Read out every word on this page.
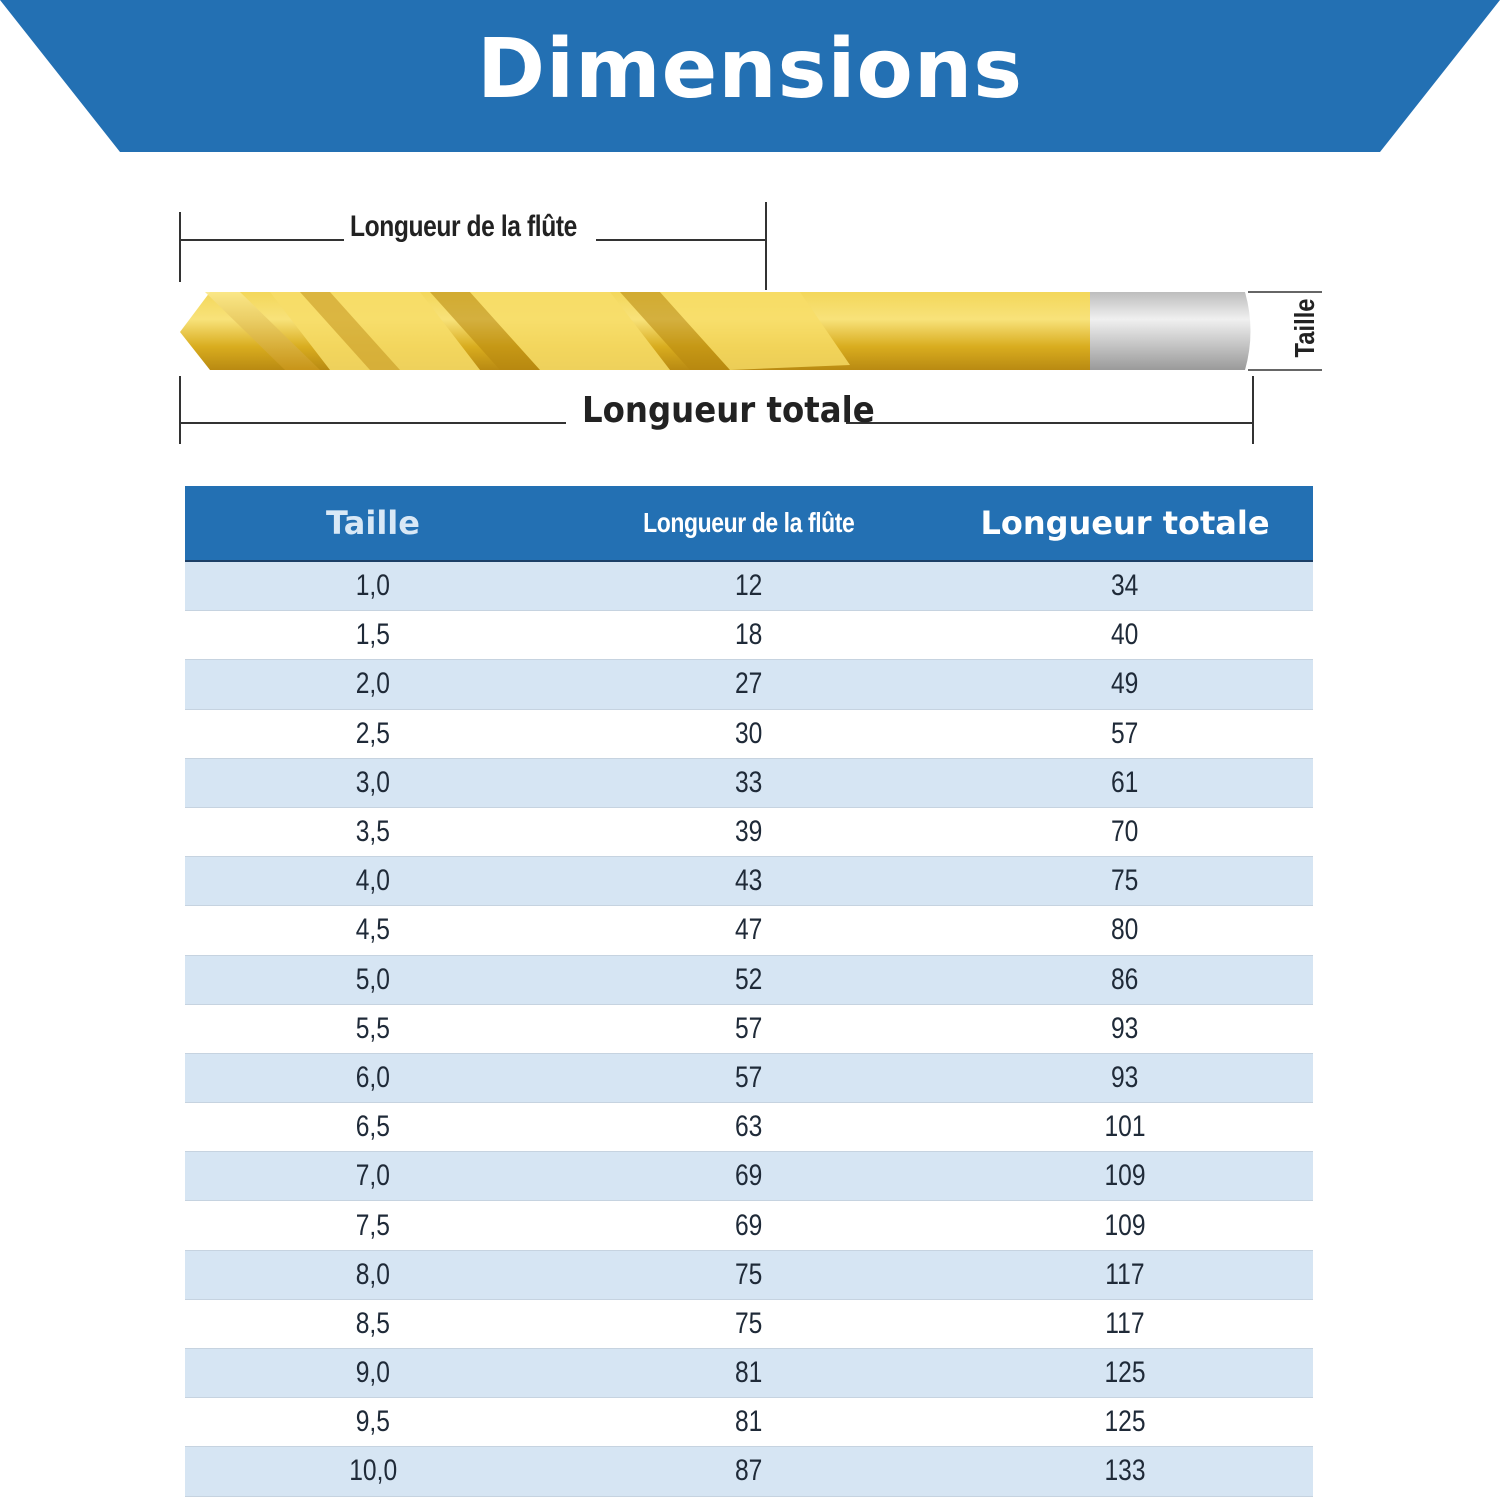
Dimensions
Longueur de la flûte
Longueur totale
Taille
Taille	Longueur de la flûte	Longueur totale
1,0	12	34
1,5	18	40
2,0	27	49
2,5	30	57
3,0	33	61
3,5	39	70
4,0	43	75
4,5	47	80
5,0	52	86
5,5	57	93
6,0	57	93
6,5	63	101
7,0	69	109
7,5	69	109
8,0	75	117
8,5	75	117
9,0	81	125
9,5	81	125
10,0	87	133
